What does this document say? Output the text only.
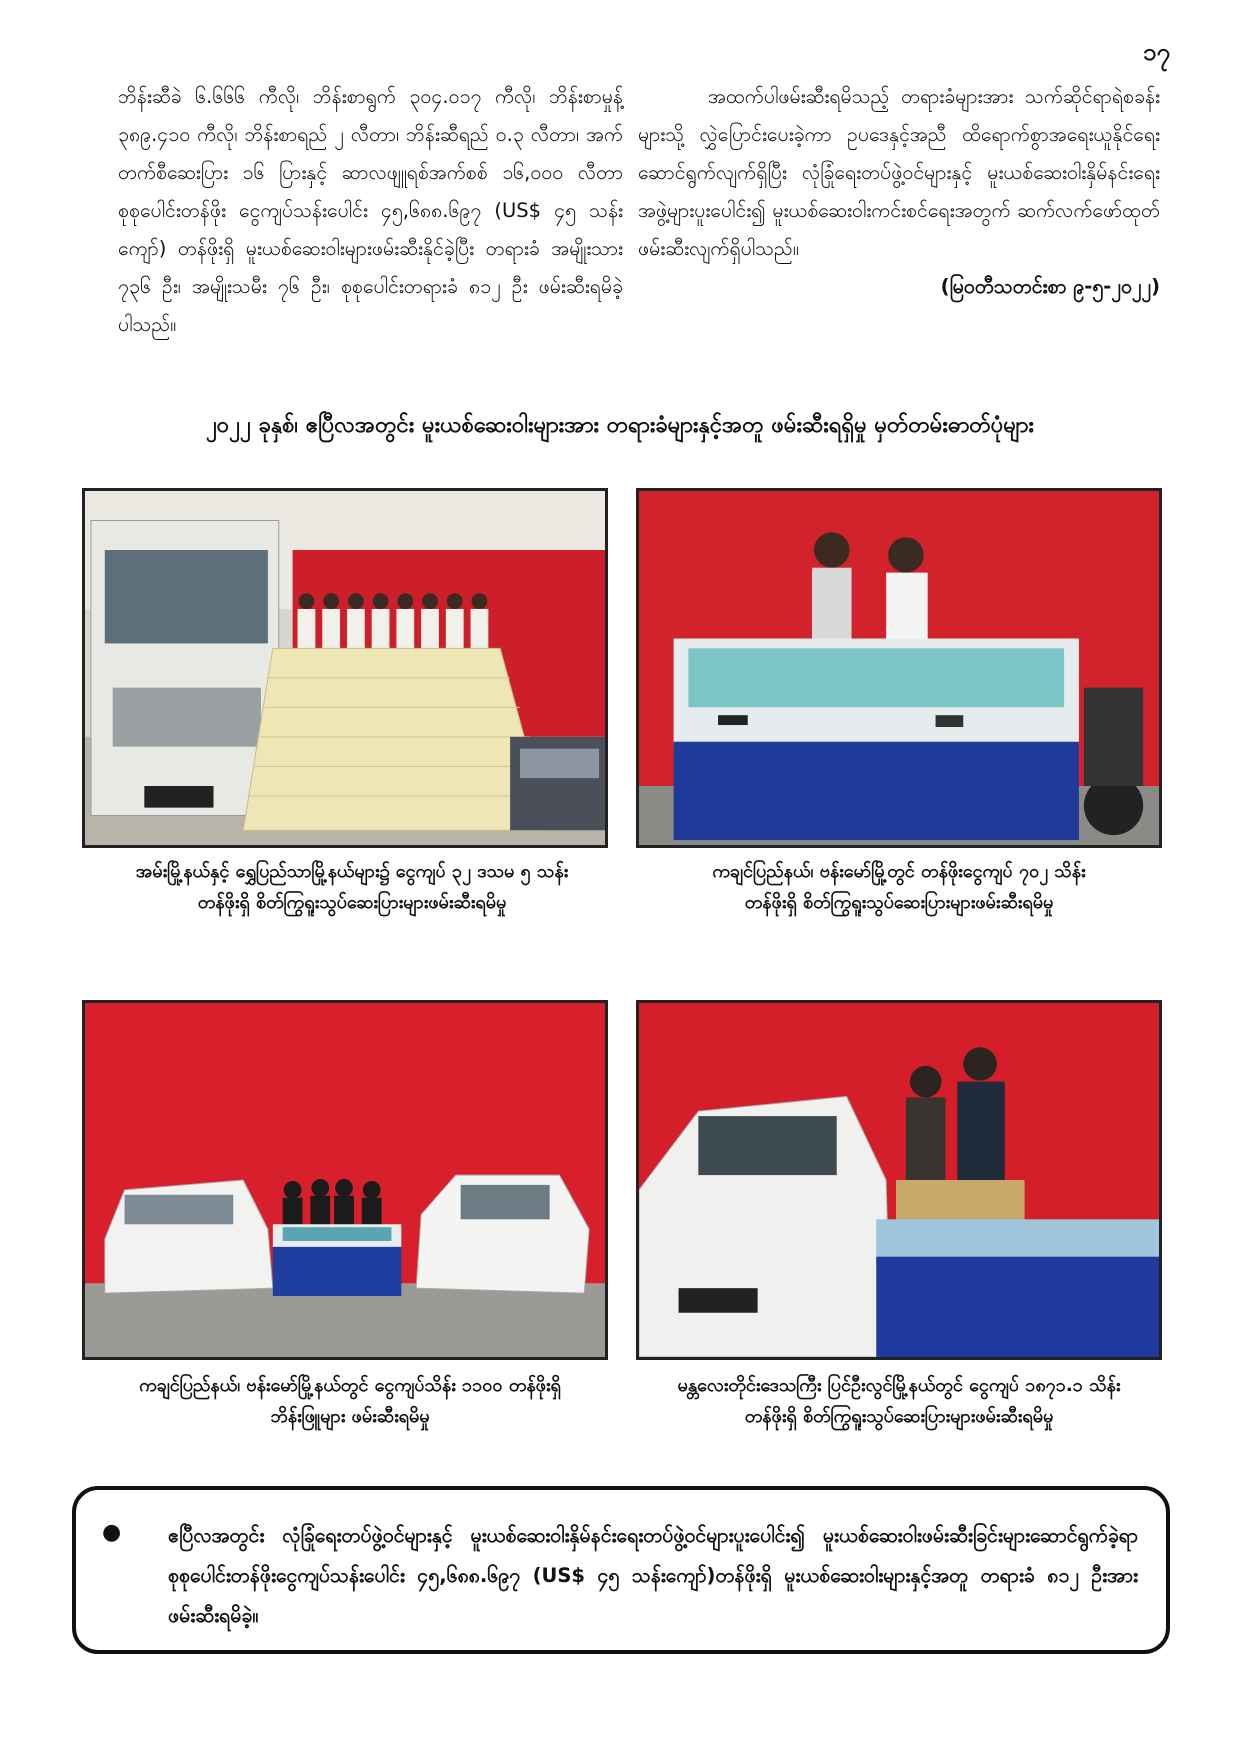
၁၇

ဘိန်းဆီခဲ ၆.၆၆၆ ကီလို၊ ဘိန်းစာရွက် ၃၀၄.၀၁၇ ကီလို၊ ဘိန်းစာမှုန့် ၃၈၉.၄၁၀ ကီလို၊ ဘိန်းစာရည် ၂ လီတာ၊ ဘိန်းဆီရည် ၀.၃ လီတာ၊ အက်တက်စီဆေးပြား ၁၆ ပြားနှင့် ဆာလဖျူရစ်အက်စစ် ၁၆,၀၀၀ လီတာ စုစုပေါင်းတန်ဖိုး ငွေကျပ်သန်းပေါင်း ၄၅,၆၈၈.၆၉၇ (US$ ၄၅ သန်းကျော်) တန်ဖိုးရှိ မူးယစ်ဆေးဝါးများဖမ်းဆီးနိုင်ခဲ့ပြီး တရားခံ အမျိုးသား ၇၃၆ ဦး၊ အမျိုးသမီး ၇၆ ဦး၊ စုစုပေါင်းတရားခံ ၈၁၂ ဦး ဖမ်းဆီးရမိခဲ့ပါသည်။

အထက်ပါဖမ်းဆီးရမိသည့် တရားခံများအား သက်ဆိုင်ရာရဲစခန်းများသို့ လွှဲပြောင်းပေးခဲ့ကာ ဥပဒေနှင့်အညီ ထိရောက်စွာအရေးယူနိုင်ရေးဆောင်ရွက်လျက်ရှိပြီး လုံခြုံရေးတပ်ဖွဲ့ဝင်များနှင့် မူးယစ်ဆေးဝါးနှိမ်နင်းရေးအဖွဲ့များပူးပေါင်း၍ မူးယစ်ဆေးဝါးကင်းစင်ရေးအတွက် ဆက်လက်ဖော်ထုတ်ဖမ်းဆီးလျက်ရှိပါသည်။

(မြဝတီသတင်းစာ ၉-၅-၂၀၂၂)

၂၀၂၂ ခုနှစ်၊ ဧပြီလအတွင်း မူးယစ်ဆေးဝါးများအား တရားခံများနှင့်အတူ ဖမ်းဆီးရရှိမှု မှတ်တမ်းဓာတ်ပုံများ
အမ်းမြို့နယ်နှင့် ရွှေပြည်သာမြို့နယ်များ၌ ငွေကျပ် ၃၂ ဒသမ ၅ သန်း
တန်ဖိုးရှိ စိတ်ကြွရူးသွပ်ဆေးပြားများဖမ်းဆီးရမိမှု
ကချင်ပြည်နယ်၊ ဗန်းမော်မြို့တွင် တန်ဖိုးငွေကျပ် ၇၀၂ သိန်း
တန်ဖိုးရှိ စိတ်ကြွရူးသွပ်ဆေးပြားများဖမ်းဆီးရမိမှု
ကချင်ပြည်နယ်၊ ဗန်းမော်မြို့နယ်တွင် ငွေကျပ်သိန်း ၁၁၀၀ တန်ဖိုးရှိ
ဘိန်းဖြူများ ဖမ်းဆီးရမိမှု
မန္တလေးတိုင်းဒေသကြီး ပြင်ဦးလွင်မြို့နယ်တွင် ငွေကျပ် ၁၈၇၁.၁ သိန်း
တန်ဖိုးရှိ စိတ်ကြွရူးသွပ်ဆေးပြားများဖမ်းဆီးရမိမှု
● ဧပြီလအတွင်း လုံခြုံရေးတပ်ဖွဲ့ဝင်များနှင့် မူးယစ်ဆေးဝါးနှိမ်နင်းရေးတပ်ဖွဲ့ဝင်များပူးပေါင်း၍ မူးယစ်ဆေးဝါးဖမ်းဆီးခြင်းများဆောင်ရွက်ခဲ့ရာ စုစုပေါင်းတန်ဖိုးငွေကျပ်သန်းပေါင်း ၄၅,၆၈၈.၆၉၇ (US$ ၄၅ သန်းကျော်)တန်ဖိုးရှိ မူးယစ်ဆေးဝါးများနှင့်အတူ တရားခံ ၈၁၂ ဦးအား ဖမ်းဆီးရမိခဲ့။
